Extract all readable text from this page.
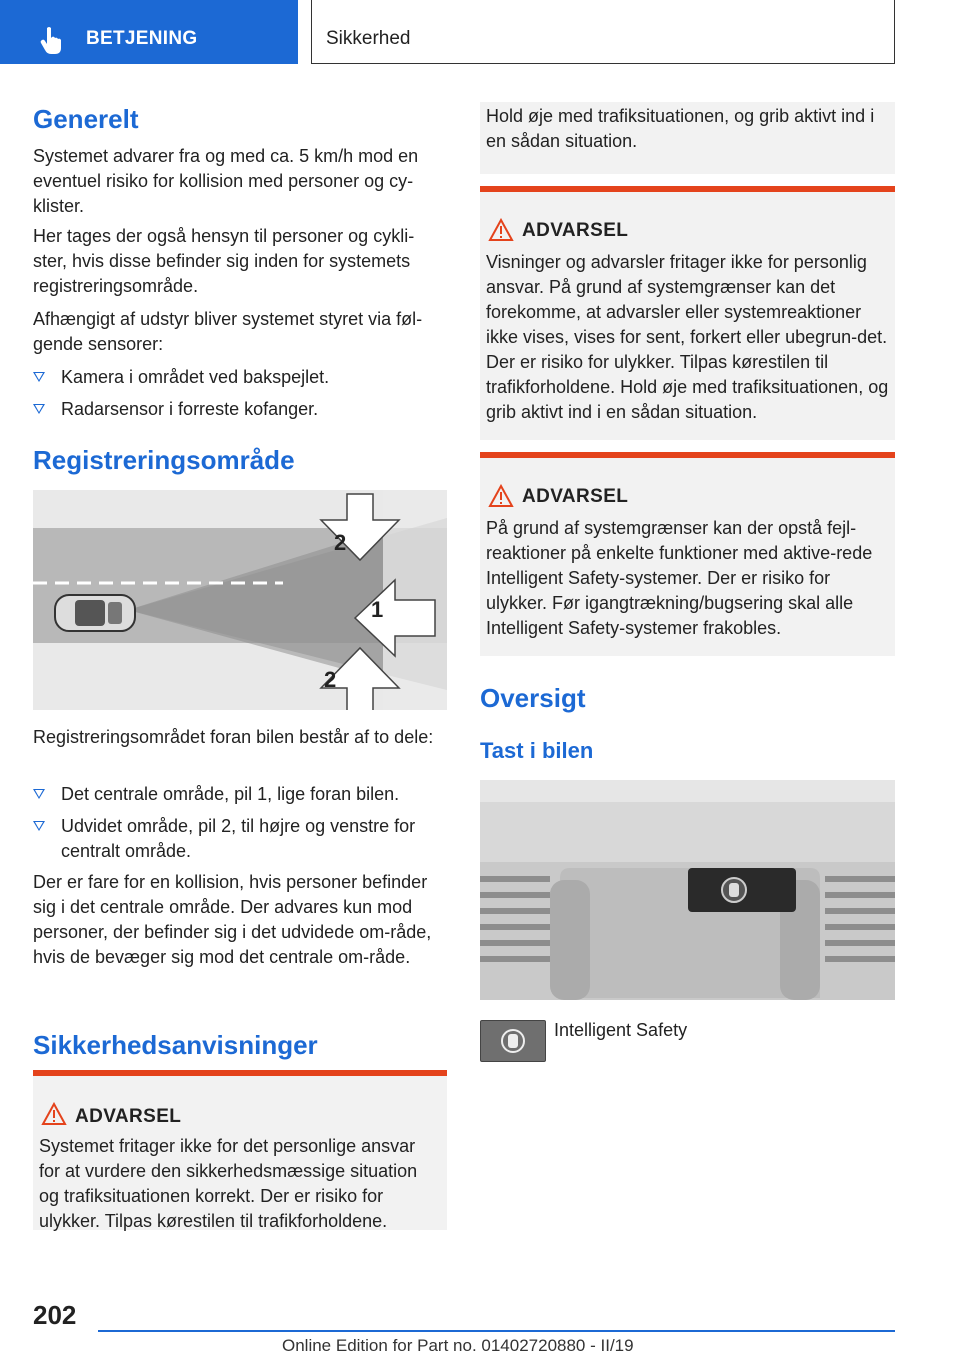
BETJENING	Sikkerhed
Generelt

Systemet advarer fra og med ca. 5 km/h mod en eventuel risiko for kollision med personer og cy-klister.

Her tages der også hensyn til personer og cykli-ster, hvis disse befinder sig inden for systemets registreringsområde.

Afhængigt af udstyr bliver systemet styret via føl-gende sensorer:

Kamera i området ved bakspejlet.
Radarsensor i forreste kofanger.
Registreringsområde
2
1
2

Registreringsområdet foran bilen består af to dele:

Det centrale område, pil 1, lige foran bilen.
Udvidet område, pil 2, til højre og venstre for centralt område.

Der er fare for en kollision, hvis personer befinder sig i det centrale område. Der advares kun mod personer, der befinder sig i det udvidede om-råde, hvis de bevæger sig mod det centrale om-råde.

Sikkerhedsanvisninger
ADVARSEL
Systemet fritager ikke for det personlige ansvar for at vurdere den sikkerhedsmæssige situation og trafiksituationen korrekt. Der er risiko for ulykker. Tilpas kørestilen til trafikforholdene.
Hold øje med trafiksituationen, og grib aktivt ind i en sådan situation.
ADVARSEL
Visninger og advarsler fritager ikke for personlig ansvar. På grund af systemgrænser kan det forekomme, at advarsler eller systemreaktioner ikke vises, vises for sent, forkert eller ubegrun-det. Der er risiko for ulykker. Tilpas kørestilen til trafikforholdene. Hold øje med trafiksituationen, og grib aktivt ind i en sådan situation.
ADVARSEL
På grund af systemgrænser kan der opstå fejl-reaktioner på enkelte funktioner med aktive-rede Intelligent Safety-systemer. Der er risiko for ulykker. Før igangtrækning/bugsering skal alle Intelligent Safety-systemer frakobles.
Oversigt
Tast i bilen
Intelligent Safety
202
Online Edition for Part no. 01402720880 - II/19
